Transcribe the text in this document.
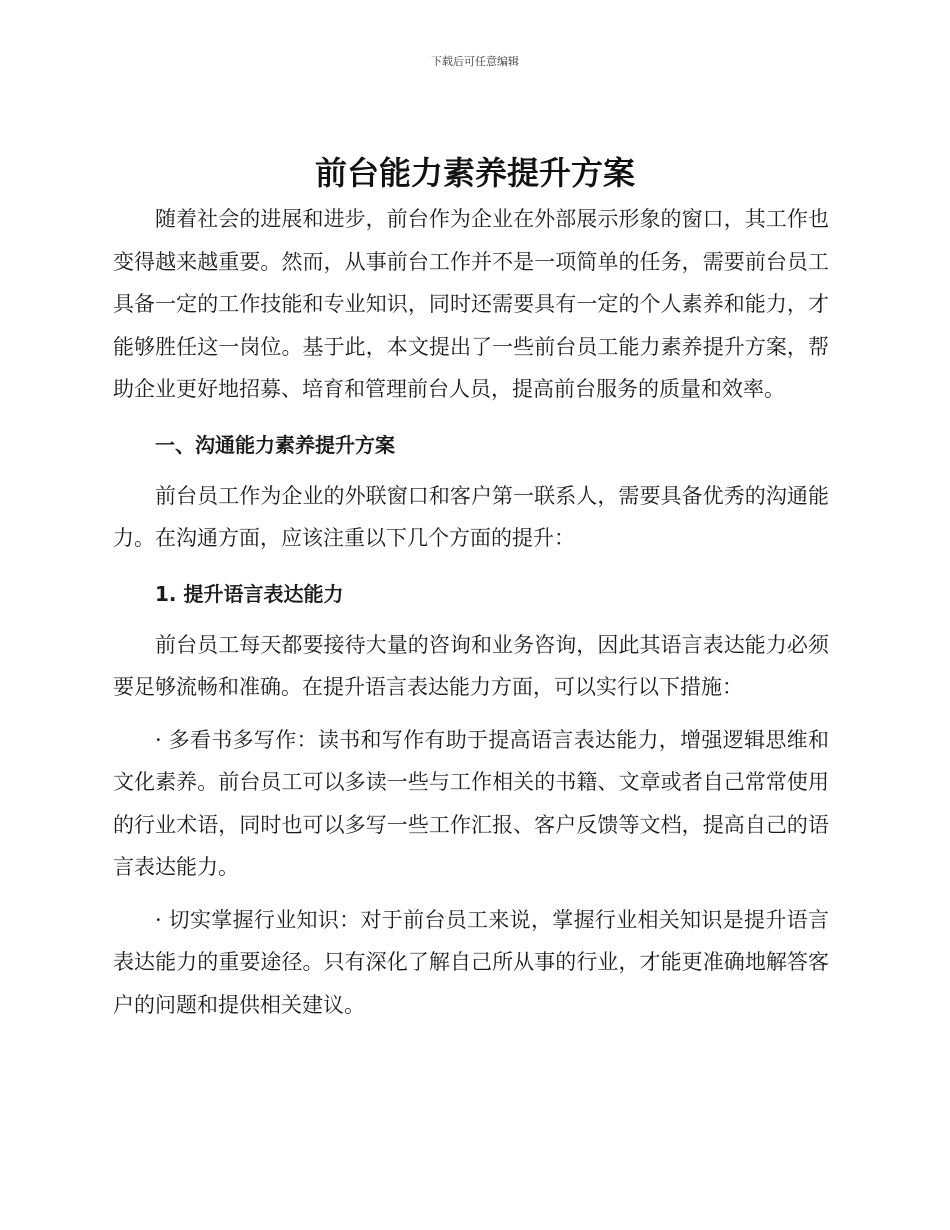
下载后可任意编辑
前台能力素养提升方案

随着社会的进展和进步，前台作为企业在外部展示形象的窗口，其工作也变得越来越重要。然而，从事前台工作并不是一项简单的任务，需要前台员工具备一定的工作技能和专业知识，同时还需要具有一定的个人素养和能力，才能够胜任这一岗位。基于此，本文提出了一些前台员工能力素养提升方案，帮助企业更好地招募、培育和管理前台人员，提高前台服务的质量和效率。

一、沟通能力素养提升方案

前台员工作为企业的外联窗口和客户第一联系人，需要具备优秀的沟通能力。在沟通方面，应该注重以下几个方面的提升：

1. 提升语言表达能力

前台员工每天都要接待大量的咨询和业务咨询，因此其语言表达能力必须要足够流畅和准确。在提升语言表达能力方面，可以实行以下措施：

· 多看书多写作：读书和写作有助于提高语言表达能力，增强逻辑思维和文化素养。前台员工可以多读一些与工作相关的书籍、文章或者自己常常使用的行业术语，同时也可以多写一些工作汇报、客户反馈等文档，提高自己的语言表达能力。

· 切实掌握行业知识：对于前台员工来说，掌握行业相关知识是提升语言表达能力的重要途径。只有深化了解自己所从事的行业，才能更准确地解答客户的问题和提供相关建议。
